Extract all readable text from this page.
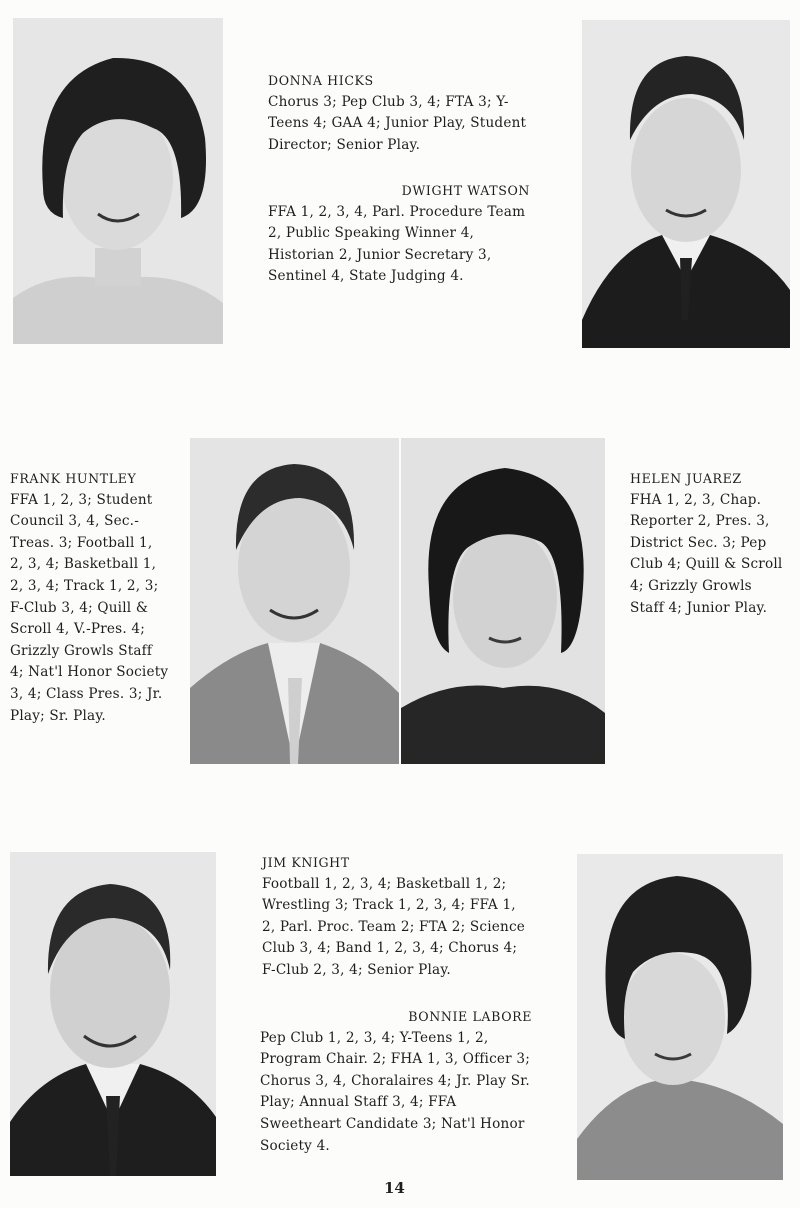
DONNA HICKS
Chorus 3; Pep Club 3, 4; FTA 3; Y-Teens 4; GAA 4; Junior Play, Student Director; Senior Play.
DWIGHT WATSON
FFA 1, 2, 3, 4, Parl. Procedure Team 2, Public Speaking Winner 4, Historian 2, Junior Secretary 3, Sentinel 4, State Judging 4.
FRANK HUNTLEY
FFA 1, 2, 3; Student Council 3, 4, Sec.-Treas. 3; Football 1, 2, 3, 4; Basketball 1, 2, 3, 4; Track 1, 2, 3; F-Club 3, 4; Quill & Scroll 4, V.-Pres. 4; Grizzly Growls Staff 4; Nat'l Honor Society 3, 4; Class Pres. 3; Jr. Play; Sr. Play.
HELEN JUAREZ
FHA 1, 2, 3, Chap. Reporter 2, Pres. 3, District Sec. 3; Pep Club 4; Quill & Scroll 4; Grizzly Growls Staff 4; Junior Play.
JIM KNIGHT
Football 1, 2, 3, 4; Basketball 1, 2; Wrestling 3; Track 1, 2, 3, 4; FFA 1, 2, Parl. Proc. Team 2; FTA 2; Science Club 3, 4; Band 1, 2, 3, 4; Chorus 4; F-Club 2, 3, 4; Senior Play.
BONNIE LABORE
Pep Club 1, 2, 3, 4; Y-Teens 1, 2, Program Chair. 2; FHA 1, 3, Officer 3; Chorus 3, 4, Choralaires 4; Jr. Play Sr. Play; Annual Staff 3, 4; FFA Sweetheart Candidate 3; Nat'l Honor Society 4.
14
